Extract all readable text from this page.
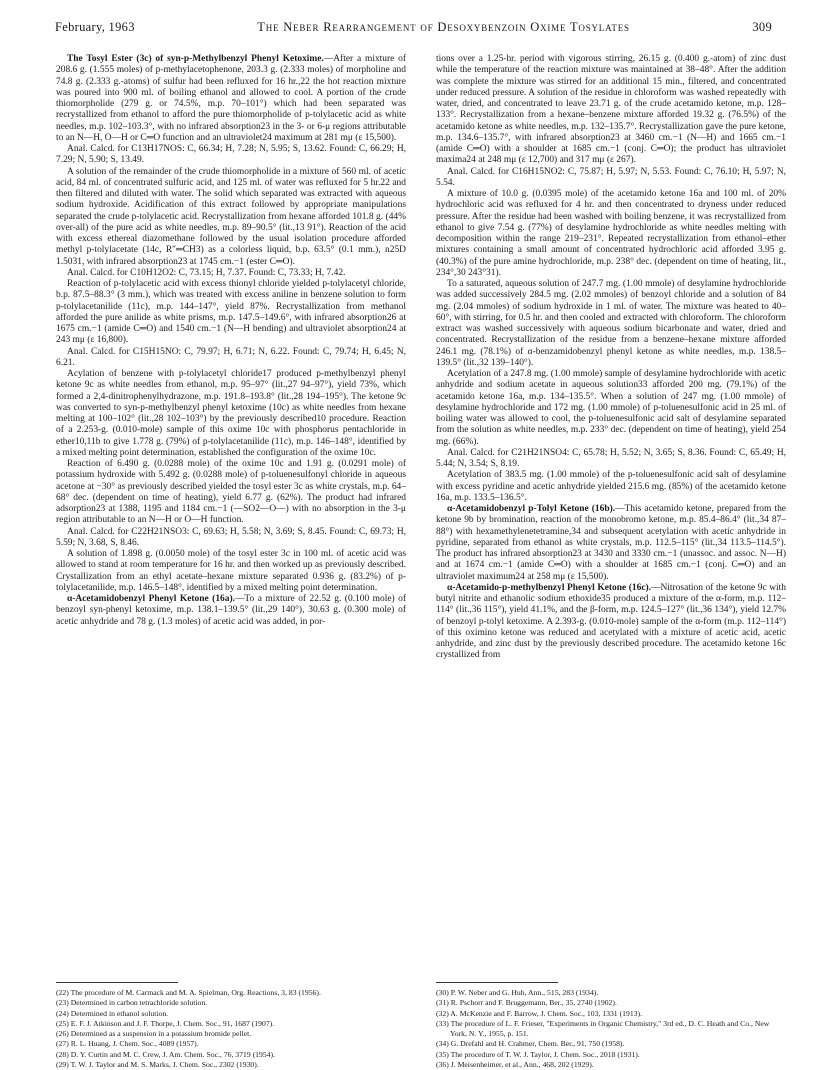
February, 1963	The Neber Rearrangement of Desoxybenzoin Oxime Tosylates	309

The Tosyl Ester (3c) of syn-p-Methylbenzyl Phenyl Ketoxime.—After a mixture of 208.6 g. (1.555 moles) of p-methylacetophenone, 203.3 g. (2.333 moles) of morpholine and 74.8 g. (2.333 g.-atoms) of sulfur had been refluxed for 16 hr.,22 the hot reaction mixture was poured into 900 ml. of boiling ethanol and allowed to cool. A portion of the crude thiomorpholide (279 g. or 74.5%, m.p. 70–101°) which had been separated was recrystallized from ethanol to afford the pure thiomorpholide of p-tolylacetic acid as white needles, m.p. 102–103.3°, with no infrared absorption23 in the 3- or 6-μ regions attributable to an N—H, O—H or C═O function and an ultraviolet24 maximum at 281 mμ (ε 15,500).

Anal. Calcd. for C13H17NOS: C, 66.34; H, 7.28; N, 5.95; S, 13.62. Found: C, 66.29; H, 7.29; N, 5.90; S, 13.49.

A solution of the remainder of the crude thiomorpholide in a mixture of 560 ml. of acetic acid, 84 ml. of concentrated sulfuric acid, and 125 ml. of water was refluxed for 5 hr.22 and then filtered and diluted with water. The solid which separated was extracted with aqueous sodium hydroxide. Acidification of this extract followed by appropriate manipulations separated the crude p-tolylacetic acid. Recrystallization from hexane afforded 101.8 g. (44% over-all) of the pure acid as white needles, m.p. 89–90.5° (lit.,13 91°). Reaction of the acid with excess ethereal diazomethane followed by the usual isolation procedure afforded methyl p-tolylacetate (14c, R″═CH3) as a colorless liquid, b.p. 63.5° (0.1 mm.), n25D 1.5031, with infrared absorption23 at 1745 cm.−1 (ester C═O).

Anal. Calcd. for C10H12O2: C, 73.15; H, 7.37. Found: C, 73.33; H, 7.42.

Reaction of p-tolylacetic acid with excess thionyl chloride yielded p-tolylacetyl chloride, b.p. 87.5–88.3° (3 mm.), which was treated with excess aniline in benzene solution to form p-tolylacetanilide (11c), m.p. 144–147°, yield 87%. Recrystallization from methanol afforded the pure anilide as white prisms, m.p. 147.5–149.6°, with infrared absorption26 at 1675 cm.−1 (amide C═O) and 1540 cm.−1 (N—H bending) and ultraviolet absorption24 at 243 mμ (ε 16,800).

Anal. Calcd. for C15H15NO: C, 79.97; H, 6.71; N, 6.22. Found: C, 79.74; H, 6.45; N, 6.21.

Acylation of benzene with p-tolylacetyl chloride17 produced p-methylbenzyl phenyl ketone 9c as white needles from ethanol, m.p. 95–97° (lit.,27 94–97°), yield 73%, which formed a 2,4-dinitrophenylhydrazone, m.p. 191.8–193.8° (lit.,28 194–195°). The ketone 9c was converted to syn-p-methylbenzyl phenyl ketoxime (10c) as white needles from hexane melting at 100–102° (lit.,28 102–103°) by the previously described10 procedure. Reaction of a 2.253-g. (0.010-mole) sample of this oxime 10c with phosphorus pentachloride in ether10,11b to give 1.778 g. (79%) of p-tolylacetanilide (11c), m.p. 146–148°, identified by a mixed melting point determination, established the configuration of the oxime 10c.

Reaction of 6.490 g. (0.0288 mole) of the oxime 10c and 1.91 g. (0.0291 mole) of potassium hydroxide with 5.492 g. (0.0288 mole) of p-toluenesulfonyl chloride in aqueous acetone at −30° as previously described yielded the tosyl ester 3c as white crystals, m.p. 64–68° dec. (dependent on time of heating), yield 6.77 g. (62%). The product had infrared adsorption23 at 1388, 1195 and 1184 cm.−1 (—SO2—O—) with no absorption in the 3-μ region attributable to an N—H or O—H function.

Anal. Calcd. for C22H21NSO3: C, 69.63; H, 5.58; N, 3.69; S, 8.45. Found: C, 69.73; H, 5.59; N, 3.68, S, 8.46.

A solution of 1.898 g. (0.0050 mole) of the tosyl ester 3c in 100 ml. of acetic acid was allowed to stand at room temperature for 16 hr. and then worked up as previously described. Crystallization from an ethyl acetate–hexane mixture separated 0.936 g. (83.2%) of p-tolylacetanilide, m.p. 146.5–148°, identified by a mixed melting point determination.

α-Acetamidobenzyl Phenyl Ketone (16a).—To a mixture of 22.52 g. (0.100 mole) of benzoyl syn-phenyl ketoxime, m.p. 138.1–139.5° (lit.,29 140°), 30.63 g. (0.300 mole) of acetic anhydride and 78 g. (1.3 moles) of acetic acid was added, in por-

tions over a 1.25-hr. period with vigorous stirring, 26.15 g. (0.400 g.-atom) of zinc dust while the temperature of the reaction mixture was maintained at 38–48°. After the addition was complete the mixture was stirred for an additional 15 min., filtered, and concentrated under reduced pressure. A solution of the residue in chloroform was washed repeatedly with water, dried, and concentrated to leave 23.71 g. of the crude acetamido ketone, m.p. 128–133°. Recrystallization from a hexane–benzene mixture afforded 19.32 g. (76.5%) of the acetamido ketone as white needles, m.p. 132–135.7°. Recrystallization gave the pure ketone, m.p. 134.6–135.7°, with infrared absorption23 at 3460 cm.−1 (N—H) and 1665 cm.−1 (amide C═O) with a shoulder at 1685 cm.−1 (conj. C═O); the product has ultraviolet maxima24 at 248 mμ (ε 12,700) and 317 mμ (ε 267).

Anal. Calcd. for C16H15NO2: C, 75.87; H, 5.97; N, 5.53. Found: C, 76.10; H, 5.97; N, 5.54.

A mixture of 10.0 g. (0.0395 mole) of the acetamido ketone 16a and 100 ml. of 20% hydrochloric acid was refluxed for 4 hr. and then concentrated to dryness under reduced pressure. After the residue had been washed with boiling benzene, it was recrystallized from ethanol to give 7.54 g. (77%) of desylamine hydrochloride as white needles melting with decomposition within the range 219–231°. Repeated recrystallization from ethanol–ether mixtures containing a small amount of concentrated hydrochloric acid afforded 3.95 g. (40.3%) of the pure amine hydrochloride, m.p. 238° dec. (dependent on time of heating, lit., 234°,30 243°31).

To a saturated, aqueous solution of 247.7 mg. (1.00 mmole) of desylamine hydrochloride was added successively 284.5 mg. (2.02 mmoles) of benzoyl chloride and a solution of 84 mg. (2.04 mmoles) of sodium hydroxide in 1 ml. of water. The mixture was heated to 40–60°, with stirring, for 0.5 hr. and then cooled and extracted with chloroform. The chloroform extract was washed successively with aqueous sodium bicarbonate and water, dried and concentrated. Recrystallization of the residue from a benzene–hexane mixture afforded 246.1 mg. (78.1%) of α-benzamidobenzyl phenyl ketone as white needles, m.p. 138.5–139.5° (lit.,32 139–140°).

Acetylation of a 247.8 mg. (1.00 mmole) sample of desylamine hydrochloride with acetic anhydride and sodium acetate in aqueous solution33 afforded 200 mg. (79.1%) of the acetamido ketone 16a, m.p. 134–135.5°. When a solution of 247 mg. (1.00 mmole) of desylamine hydrochloride and 172 mg. (1.00 mmole) of p-toluenesulfonic acid in 25 ml. of boiling water was allowed to cool, the p-toluenesulfonic acid salt of desylamine separated from the solution as white needles, m.p. 233° dec. (dependent on time of heating), yield 254 mg. (66%).

Anal. Calcd. for C21H21NSO4: C, 65.78; H, 5.52; N, 3.65; S, 8.36. Found: C, 65.49; H, 5.44; N, 3.54; S, 8.19.

Acetylation of 383.5 mg. (1.00 mmole) of the p-toluenesulfonic acid salt of desylamine with excess pyridine and acetic anhydride yielded 215.6 mg. (85%) of the acetamido ketone 16a, m.p. 133.5–136.5°.

α-Acetamidobenzyl p-Tolyl Ketone (16b).—This acetamido ketone, prepared from the ketone 9b by bromination, reaction of the monobromo ketone, m.p. 85.4–86.4° (lit.,34 87–88°) with hexamethylenetetramine,34 and subsequent acetylation with acetic anhydride in pyridine, separated from ethanol as white crystals, m.p. 112.5–115° (lit.,34 113.5–114.5°). The product has infrared absorption23 at 3430 and 3330 cm.−1 (unassoc. and assoc. N—H) and at 1674 cm.−1 (amide C═O) with a shoulder at 1685 cm.−1 (conj. C═O) and an ultraviolet maximum24 at 258 mμ (ε 15,500).

α-Acetamido-p-methylbenzyl Phenyl Ketone (16c).—Nitrosation of the ketone 9c with butyl nitrite and ethanolic sodium ethoxide35 produced a mixture of the α-form, m.p. 112–114° (lit.,36 115°), yield 41.1%, and the β-form, m.p. 124.5–127° (lit.,36 134°), yield 12.7% of benzoyl p-tolyl ketoxime. A 2.393-g. (0.010-mole) sample of the α-form (m.p. 112–114°) of this oximino ketone was reduced and acetylated with a mixture of acetic acid, acetic anhydride, and zinc dust by the previously described procedure. The acetamido ketone 16c crystallized from

(22) The procedure of M. Carmack and M. A. Spielman, Org. Reactions, 3, 83 (1956).
(23) Determined in carbon tetrachloride solution.
(24) Determined in ethanol solution.
(25) E. F. J. Atkinson and J. F. Thorpe, J. Chem. Soc., 91, 1687 (1907).
(26) Determined as a suspension in a potassium bromide pellet.
(27) R. L. Huang, J. Chem. Soc., 4089 (1957).
(28) D. Y. Curtin and M. C. Crew, J. Am. Chem. Soc., 76, 3719 (1954).
(29) T. W. J. Taylor and M. S. Marks, J. Chem. Soc., 2302 (1930).
(30) P. W. Neber and G. Huh, Ann., 515, 283 (1934).
(31) R. Pschorr and F. Bruggemann, Ber., 35, 2740 (1902).
(32) A. McKenzie and F. Barrow, J. Chem. Soc., 103, 1331 (1913).
(33) The procedure of L. F. Frieser, "Experiments in Organic Chemistry," 3rd ed., D. C. Heath and Co., New York, N. Y., 1955, p. 151.
(34) G. Drefahl and H. Crahmer, Chem. Ber., 91, 750 (1958).
(35) The procedure of T. W. J. Taylor, J. Chem. Soc., 2018 (1931).
(36) J. Meisenheimer, et al., Ann., 468, 202 (1929).
